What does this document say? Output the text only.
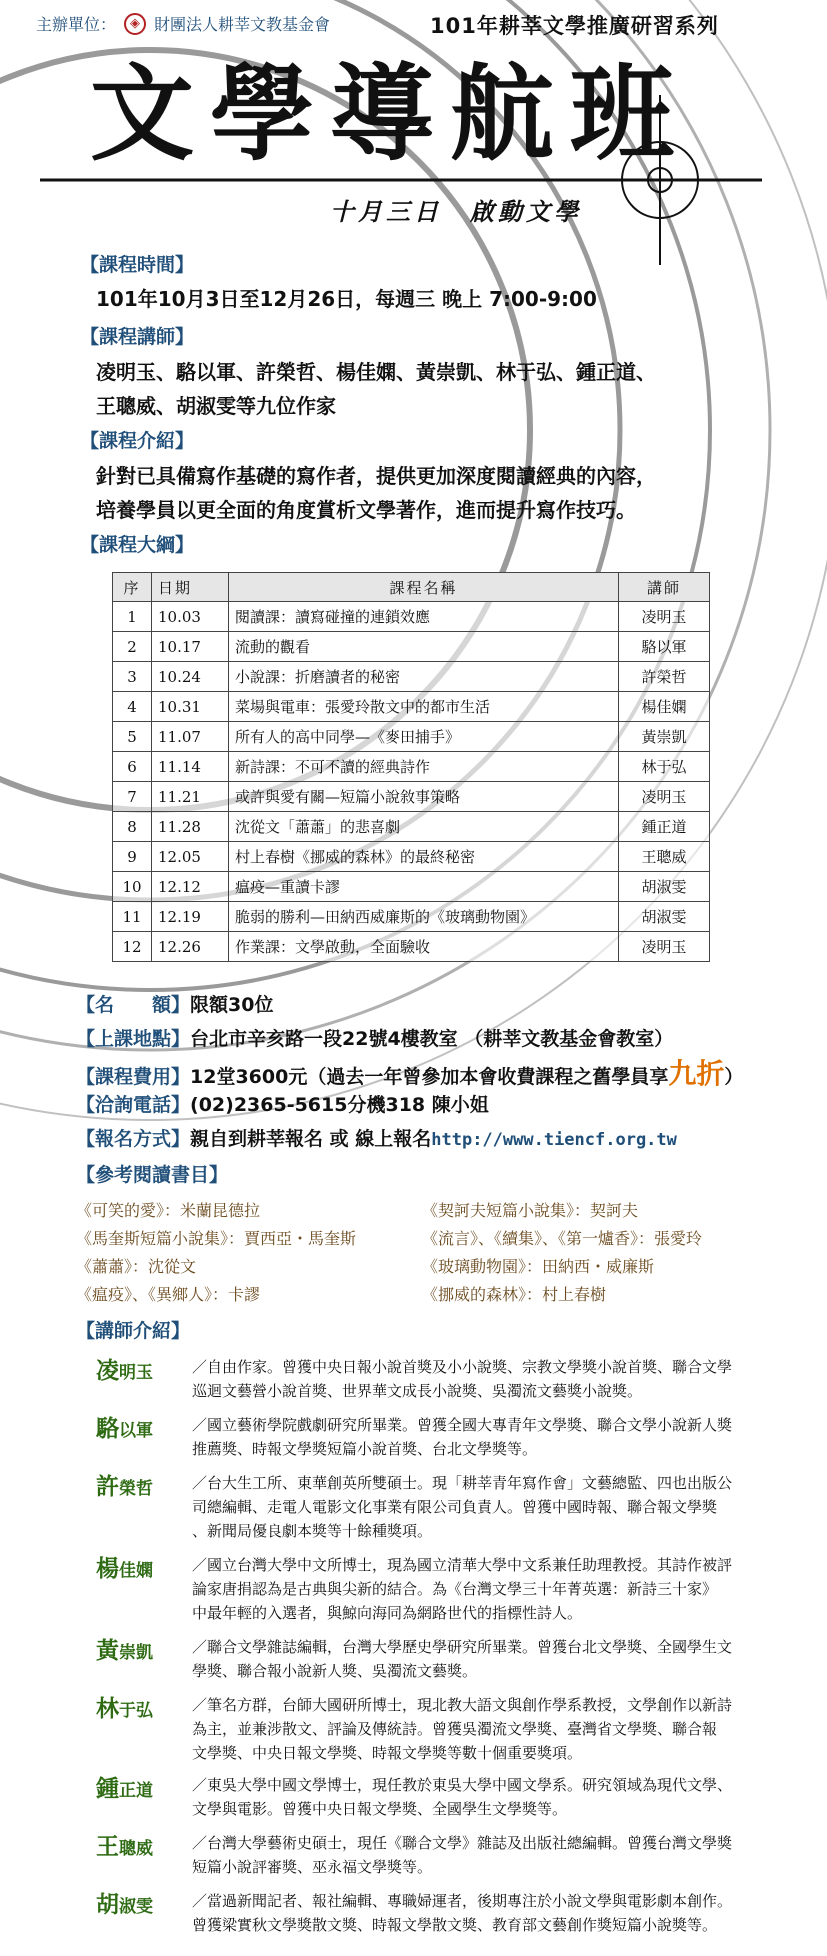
主辦單位：	◈ 財團法人耕莘文教基金會	101年耕莘文學推廣研習系列
文學導航班
十月三日　啟動文學
【課程時間】
101年10月3日至12月26日，每週三 晚上 7:00-9:00
【課程講師】
凌明玉、駱以軍、許榮哲、楊佳嫻、黃崇凱、林于弘、鍾正道、
王聰威、胡淑雯等九位作家
【課程介紹】
針對已具備寫作基礎的寫作者，提供更加深度閱讀經典的內容，
培養學員以更全面的角度賞析文學著作，進而提升寫作技巧。
【課程大綱】
序	日期	課程名稱	講師
1	10.03	閱讀課：讀寫碰撞的連鎖效應	凌明玉
2	10.17	流動的觀看	駱以軍
3	10.24	小說課：折磨讀者的秘密	許榮哲
4	10.31	菜場與電車：張愛玲散文中的都市生活	楊佳嫻
5	11.07	所有人的高中同學—《麥田捕手》	黃崇凱
6	11.14	新詩課：不可不讀的經典詩作	林于弘
7	11.21	或許與愛有關—短篇小說敘事策略	凌明玉
8	11.28	沈從文「蕭蕭」的悲喜劇	鍾正道
9	12.05	村上春樹《挪威的森林》的最終秘密	王聰威
10	12.12	瘟疫—重讀卡謬	胡淑雯
11	12.19	脆弱的勝利—田納西威廉斯的《玻璃動物園》	胡淑雯
12	12.26	作業課：文學啟動，全面驗收	凌明玉
【名　　額】 限額30位
【上課地點】 台北市辛亥路一段22號4樓教室 （耕莘文教基金會教室）
【課程費用】 12堂3600元（過去一年曾參加本會收費課程之舊學員享 九折 ）
【洽詢電話】 (02)2365-5615分機318 陳小姐
【報名方式】 親自到耕莘報名 或 線上報名 http://www.tiencf.org.tw
【參考閱讀書目】
《可笑的愛》：米蘭昆德拉
《馬奎斯短篇小說集》：賈西亞・馬奎斯
《蕭蕭》：沈從文
《瘟疫》、《異鄉人》：卡謬
《契訶夫短篇小說集》：契訶夫
《流言》、《續集》、《第一爐香》：張愛玲
《玻璃動物園》：田納西・威廉斯
《挪威的森林》：村上春樹
【講師介紹】
凌明玉	／自由作家。曾獲中央日報小說首獎及小小說獎、宗教文學獎小說首獎、聯合文學
巡迴文藝營小說首獎、世界華文成長小說獎、吳濁流文藝獎小說獎。
駱以軍	／國立藝術學院戲劇研究所畢業。曾獲全國大專青年文學獎、聯合文學小說新人獎
推薦獎、時報文學獎短篇小說首獎、台北文學獎等。
許榮哲	／台大生工所、東華創英所雙碩士。現「耕莘青年寫作會」文藝總監、四也出版公
司總編輯、走電人電影文化事業有限公司負責人。曾獲中國時報、聯合報文學獎
、新聞局優良劇本獎等十餘種獎項。
楊佳嫻	／國立台灣大學中文所博士，現為國立清華大學中文系兼任助理教授。其詩作被評
論家唐捐認為是古典與尖新的結合。為《台灣文學三十年菁英選：新詩三十家》
中最年輕的入選者，與鯨向海同為網路世代的指標性詩人。
黃崇凱	／聯合文學雜誌編輯，台灣大學歷史學研究所畢業。曾獲台北文學獎、全國學生文
學獎、聯合報小說新人獎、吳濁流文藝獎。
林于弘	／筆名方群，台師大國研所博士，現北教大語文與創作學系教授，文學創作以新詩
為主，並兼涉散文、評論及傳統詩。曾獲吳濁流文學獎、臺灣省文學獎、聯合報
文學獎、中央日報文學獎、時報文學獎等數十個重要獎項。
鍾正道	／東吳大學中國文學博士，現任教於東吳大學中國文學系。研究領域為現代文學、
文學與電影。曾獲中央日報文學獎、全國學生文學獎等。
王聰威	／台灣大學藝術史碩士，現任《聯合文學》雜誌及出版社總編輯。曾獲台灣文學獎
短篇小說評審獎、巫永福文學獎等。
胡淑雯	／當過新聞記者、報社編輯、專職婦運者，後期專注於小說文學與電影劇本創作。
曾獲梁實秋文學獎散文獎、時報文學散文獎、教育部文藝創作獎短篇小說獎等。
